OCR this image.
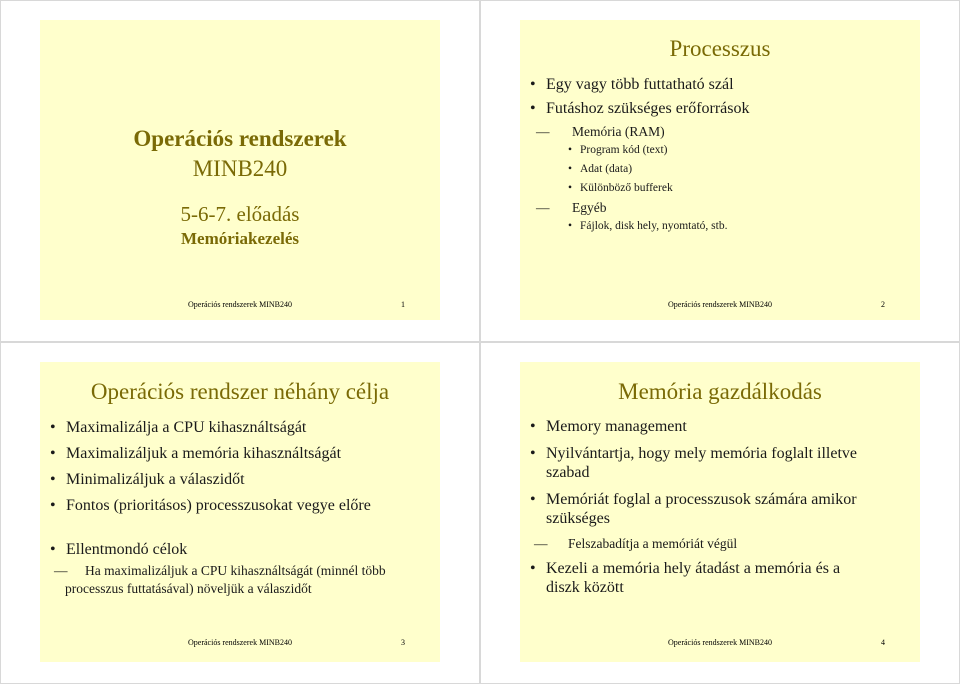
Operációs rendszerek
MINB240
5-6-7. előadás
Memóriakezelés
Operációs rendszerek MINB240	1
Processzus
• Egy vagy több futtatható szál
• Futáshoz szükséges erőforrások
— Memória (RAM)
• Program kód (text)
• Adat (data)
• Különböző bufferek
— Egyéb
• Fájlok, disk hely, nyomtató, stb.
Operációs rendszerek MINB240	2
Operációs rendszer néhány célja
• Maximalizálja a CPU kihasználtságát
• Maximalizáljuk a memória kihasználtságát
• Minimalizáljuk a válaszidőt
• Fontos (prioritásos) processzusokat vegye előre
• Ellentmondó célok
— Ha maximalizáljuk a CPU kihasználtságát (minnél több
processzus futtatásával) növeljük a válaszidőt
Operációs rendszerek MINB240	3
Memória gazdálkodás
• Memory management
• Nyilvántartja, hogy mely memória foglalt illetve
szabad
• Memóriát foglal a processzusok számára amikor
szükséges
— Felszabadítja a memóriát végül
• Kezeli a memória hely átadást a memória és a
diszk között
Operációs rendszerek MINB240	4
